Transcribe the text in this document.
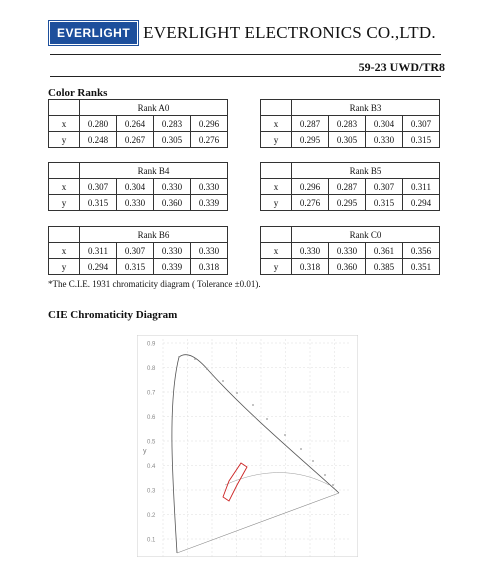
EVERLIGHT EVERLIGHT ELECTRONICS CO.,LTD.
59-23 UWD/TR8
Color Ranks
	Rank A0			
x	0.280	0.264	0.283	0.296
y	0.248	0.267	0.305	0.276
	Rank B3			
x	0.287	0.283	0.304	0.307
y	0.295	0.305	0.330	0.315
	Rank B4			
x	0.307	0.304	0.330	0.330
y	0.315	0.330	0.360	0.339
	Rank B5			
x	0.296	0.287	0.307	0.311
y	0.276	0.295	0.315	0.294
	Rank B6			
x	0.311	0.307	0.330	0.330
y	0.294	0.315	0.339	0.318
	Rank C0			
x	0.330	0.330	0.361	0.356
y	0.318	0.360	0.385	0.351
*The C.I.E. 1931 chromaticity diagram ( Tolerance ±0.01).
CIE Chromaticity Diagram
0.9
0.8
0.7
0.6
0.5
0.4
0.3
0.2
0.1
y
